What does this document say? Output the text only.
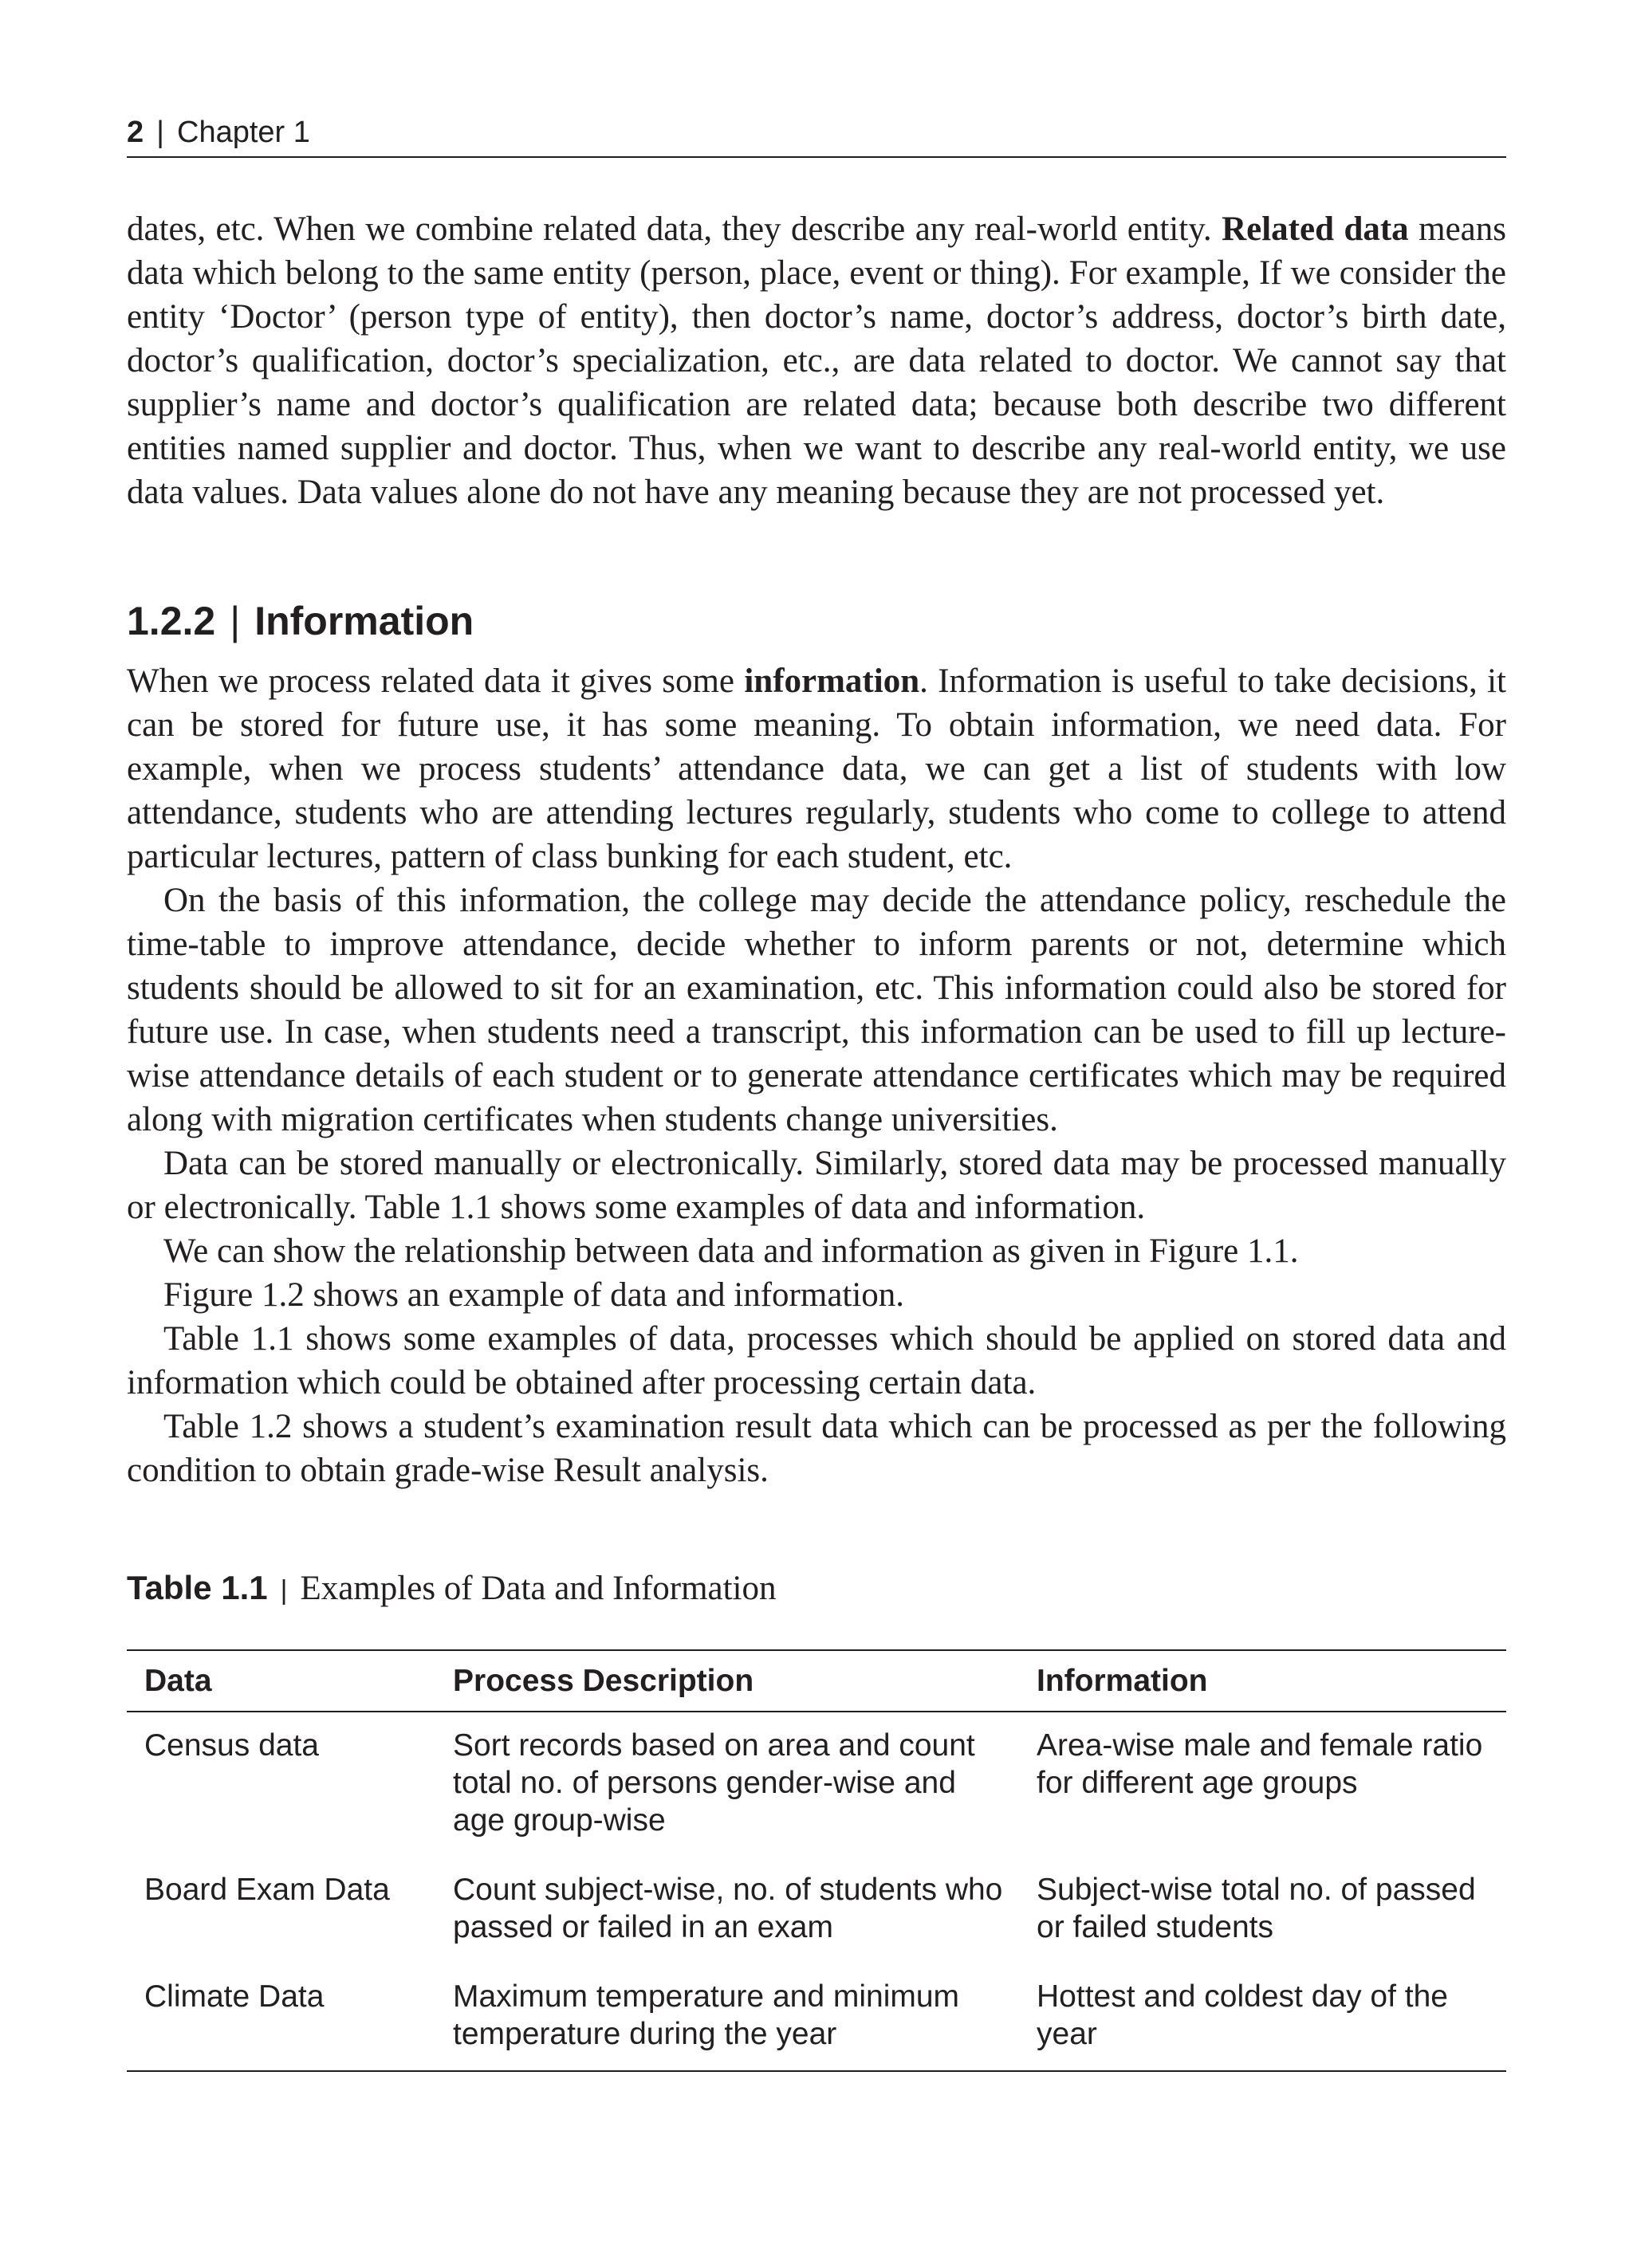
2 | Chapter 1

dates, etc. When we combine related data, they describe any real-world entity. Related data means data which belong to the same entity (person, place, event or thing). For example, If we consider the entity ‘Doctor’ (person type of entity), then doctor’s name, doctor’s address, doctor’s birth date, doctor’s qualification, doctor’s specialization, etc., are data related to doctor. We cannot say that supplier’s name and doctor’s qualification are related data; because both describe two different entities named supplier and doctor. Thus, when we want to describe any real-world entity, we use data values. Data values alone do not have any meaning because they are not processed yet.

1.2.2 | Information

When we process related data it gives some information. Information is useful to take decisions, it can be stored for future use, it has some meaning. To obtain information, we need data. For example, when we process students’ attendance data, we can get a list of students with low attendance, students who are attending lectures regularly, students who come to college to attend particular lectures, pattern of class bunking for each student, etc.

On the basis of this information, the college may decide the attendance policy, reschedule the time-table to improve attendance, decide whether to inform parents or not, determine which students should be allowed to sit for an examination, etc. This information could also be stored for future use. In case, when students need a transcript, this information can be used to fill up lecture-wise attendance details of each student or to generate attendance certificates which may be required along with migration certificates when students change universities.

Data can be stored manually or electronically. Similarly, stored data may be processed manually or electronically. Table 1.1 shows some examples of data and information.

We can show the relationship between data and information as given in Figure 1.1.

Figure 1.2 shows an example of data and information.

Table 1.1 shows some examples of data, processes which should be applied on stored data and information which could be obtained after processing certain data.

Table 1.2 shows a student’s examination result data which can be processed as per the following condition to obtain grade-wise Result analysis.

Table 1.1 | Examples of Data and Information
Data	Process Description	Information
Census data	Sort records based on area and count total no. of persons gender-wise and age group-wise	Area-wise male and female ratio for different age groups
Board Exam Data	Count subject-wise, no. of students who passed or failed in an exam	Subject-wise total no. of passed or failed students
Climate Data	Maximum temperature and minimum temperature during the year	Hottest and coldest day of the year
